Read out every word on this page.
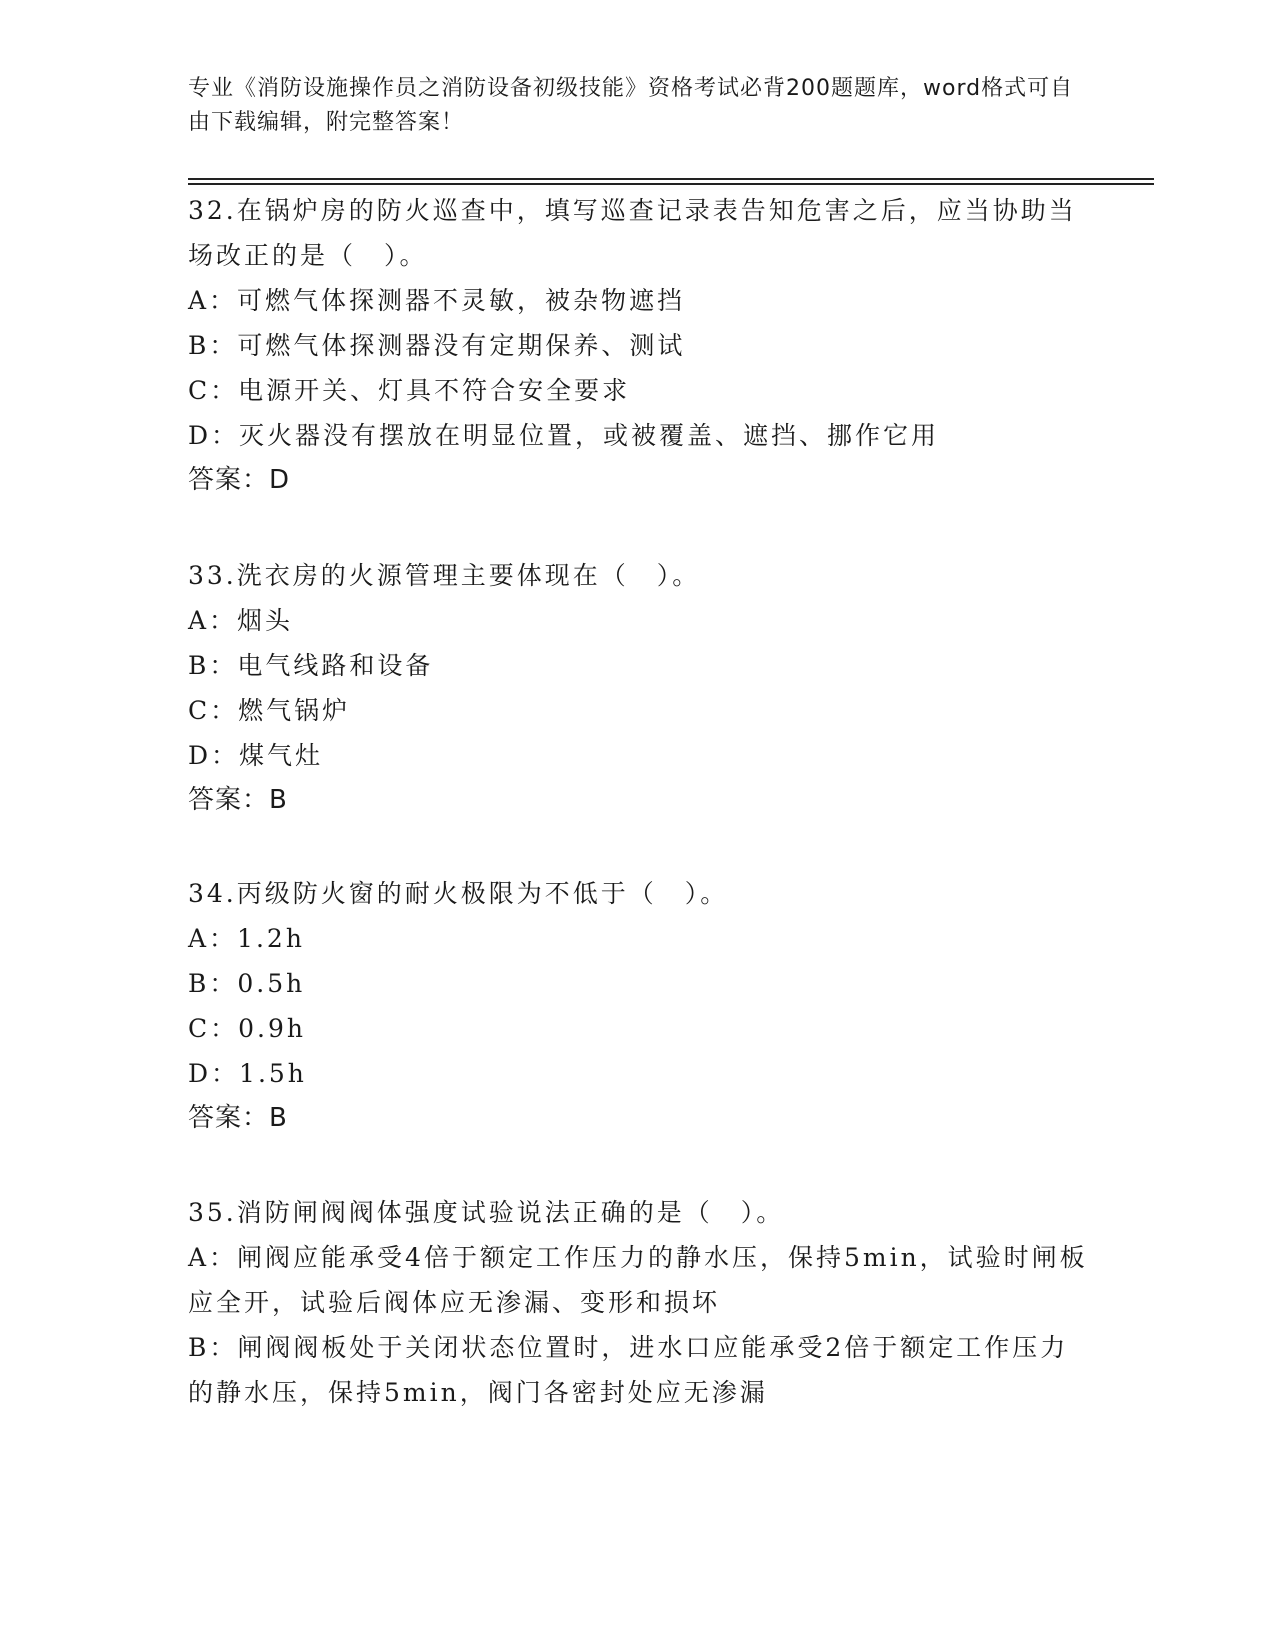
专业《消防设施操作员之消防设备初级技能》资格考试必背200题题库，word格式可自由下载编辑，附完整答案！

32.在锅炉房的防火巡查中，填写巡查记录表告知危害之后，应当协助当场改正的是（　）。

A：可燃气体探测器不灵敏，被杂物遮挡

B：可燃气体探测器没有定期保养、测试

C：电源开关、灯具不符合安全要求

D：灭火器没有摆放在明显位置，或被覆盖、遮挡、挪作它用

答案：D

33.洗衣房的火源管理主要体现在（　）。

A：烟头

B：电气线路和设备

C：燃气锅炉

D：煤气灶

答案：B

34.丙级防火窗的耐火极限为不低于（　）。

A：1.2h

B：0.5h

C：0.9h

D：1.5h

答案：B

35.消防闸阀阀体强度试验说法正确的是（　）。

A：闸阀应能承受4倍于额定工作压力的静水压，保持5min，试验时闸板应全开，试验后阀体应无渗漏、变形和损坏

B：闸阀阀板处于关闭状态位置时，进水口应能承受2倍于额定工作压力的静水压，保持5min，阀门各密封处应无渗漏
